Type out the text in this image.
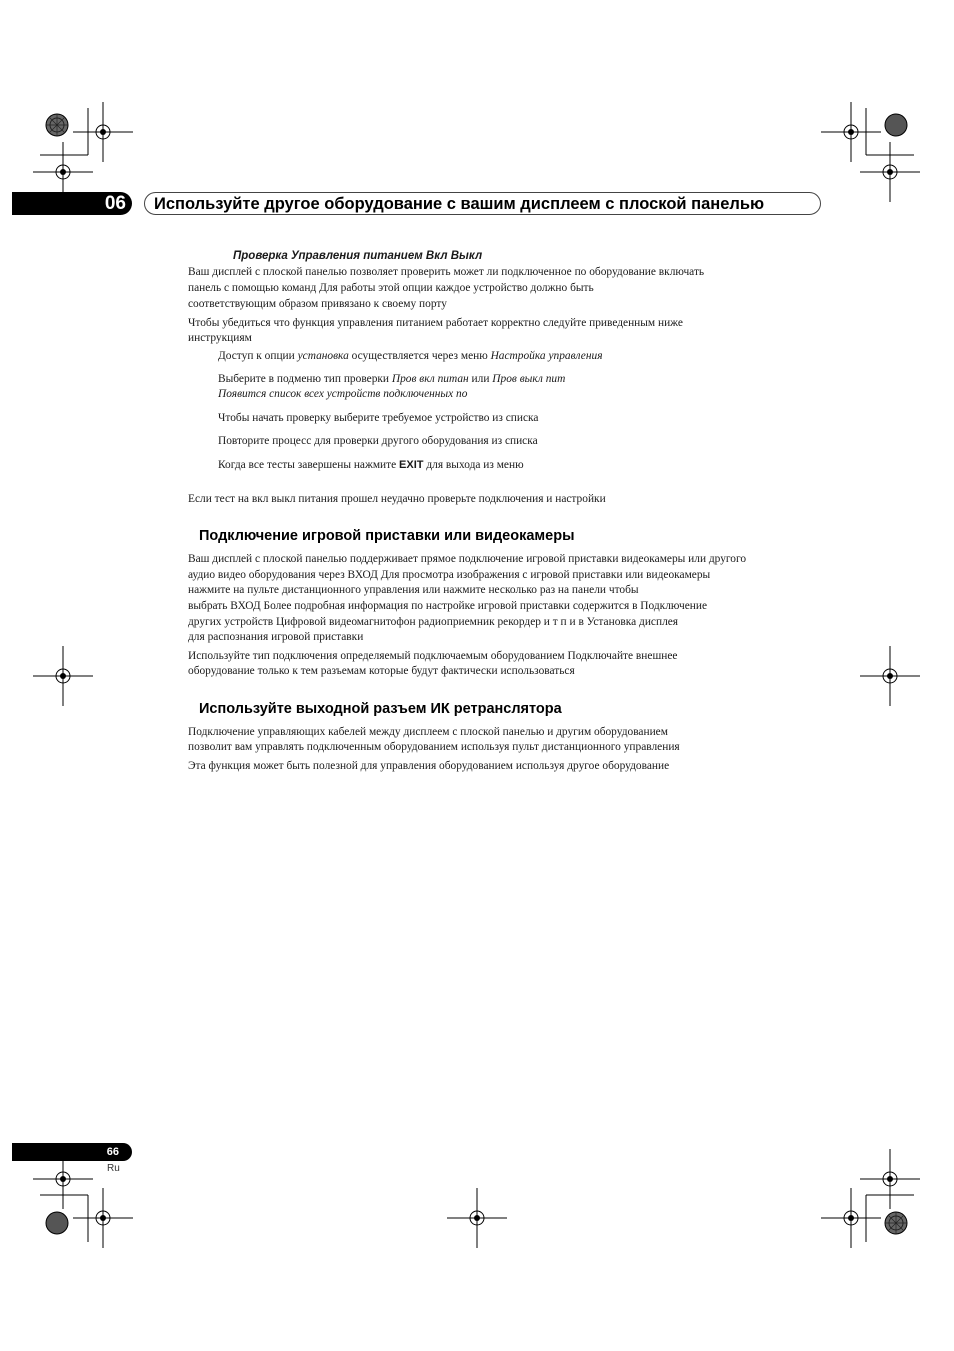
06 Используйте другое оборудование с вашим дисплеем с плоской панелью
Проверка Управления питанием Вкл Выкл
Ваш дисплей с плоской панелью позволяет проверить может ли подключенное по оборудование включать
панель с помощью команд Для работы этой опции каждое устройство должно быть
соответствующим образом привязано к своему порту
Чтобы убедиться что функция управления питанием работает корректно следуйте приведенным ниже
инструкциям
Доступ к опции установка осуществляется через меню Настройка управления
Выберите в подменю тип проверки Пров вкл питан или Пров выкл пит
Появится список всех устройств подключенных по
Чтобы начать проверку выберите требуемое устройство из списка
Повторите процесс для проверки другого оборудования из списка
Когда все тесты завершены нажмите EXIT для выхода из меню
Если тест на вкл выкл питания прошел неудачно проверьте подключения и настройки
Подключение игровой приставки или видеокамеры
Ваш дисплей с плоской панелью поддерживает прямое подключение игровой приставки видеокамеры или другого
аудио видео оборудования через ВХОД Для просмотра изображения с игровой приставки или видеокамеры
нажмите на пульте дистанционного управления или нажмите несколько раз на панели чтобы
выбрать ВХОД Более подробная информация по настройке игровой приставки содержится в Подключение
других устройств Цифровой видеомагнитофон радиоприемник рекордер и т п и в Установка дисплея
для распознания игровой приставки
Используйте тип подключения определяемый подключаемым оборудованием Подключайте внешнее
оборудование только к тем разъемам которые будут фактически использоваться
Используйте выходной разъем ИК ретранслятора
Подключение управляющих кабелей между дисплеем с плоской панелью и другим оборудованием
позволит вам управлять подключенным оборудованием используя пульт дистанционного управления
Эта функция может быть полезной для управления оборудованием используя другое оборудование
66
Ru
